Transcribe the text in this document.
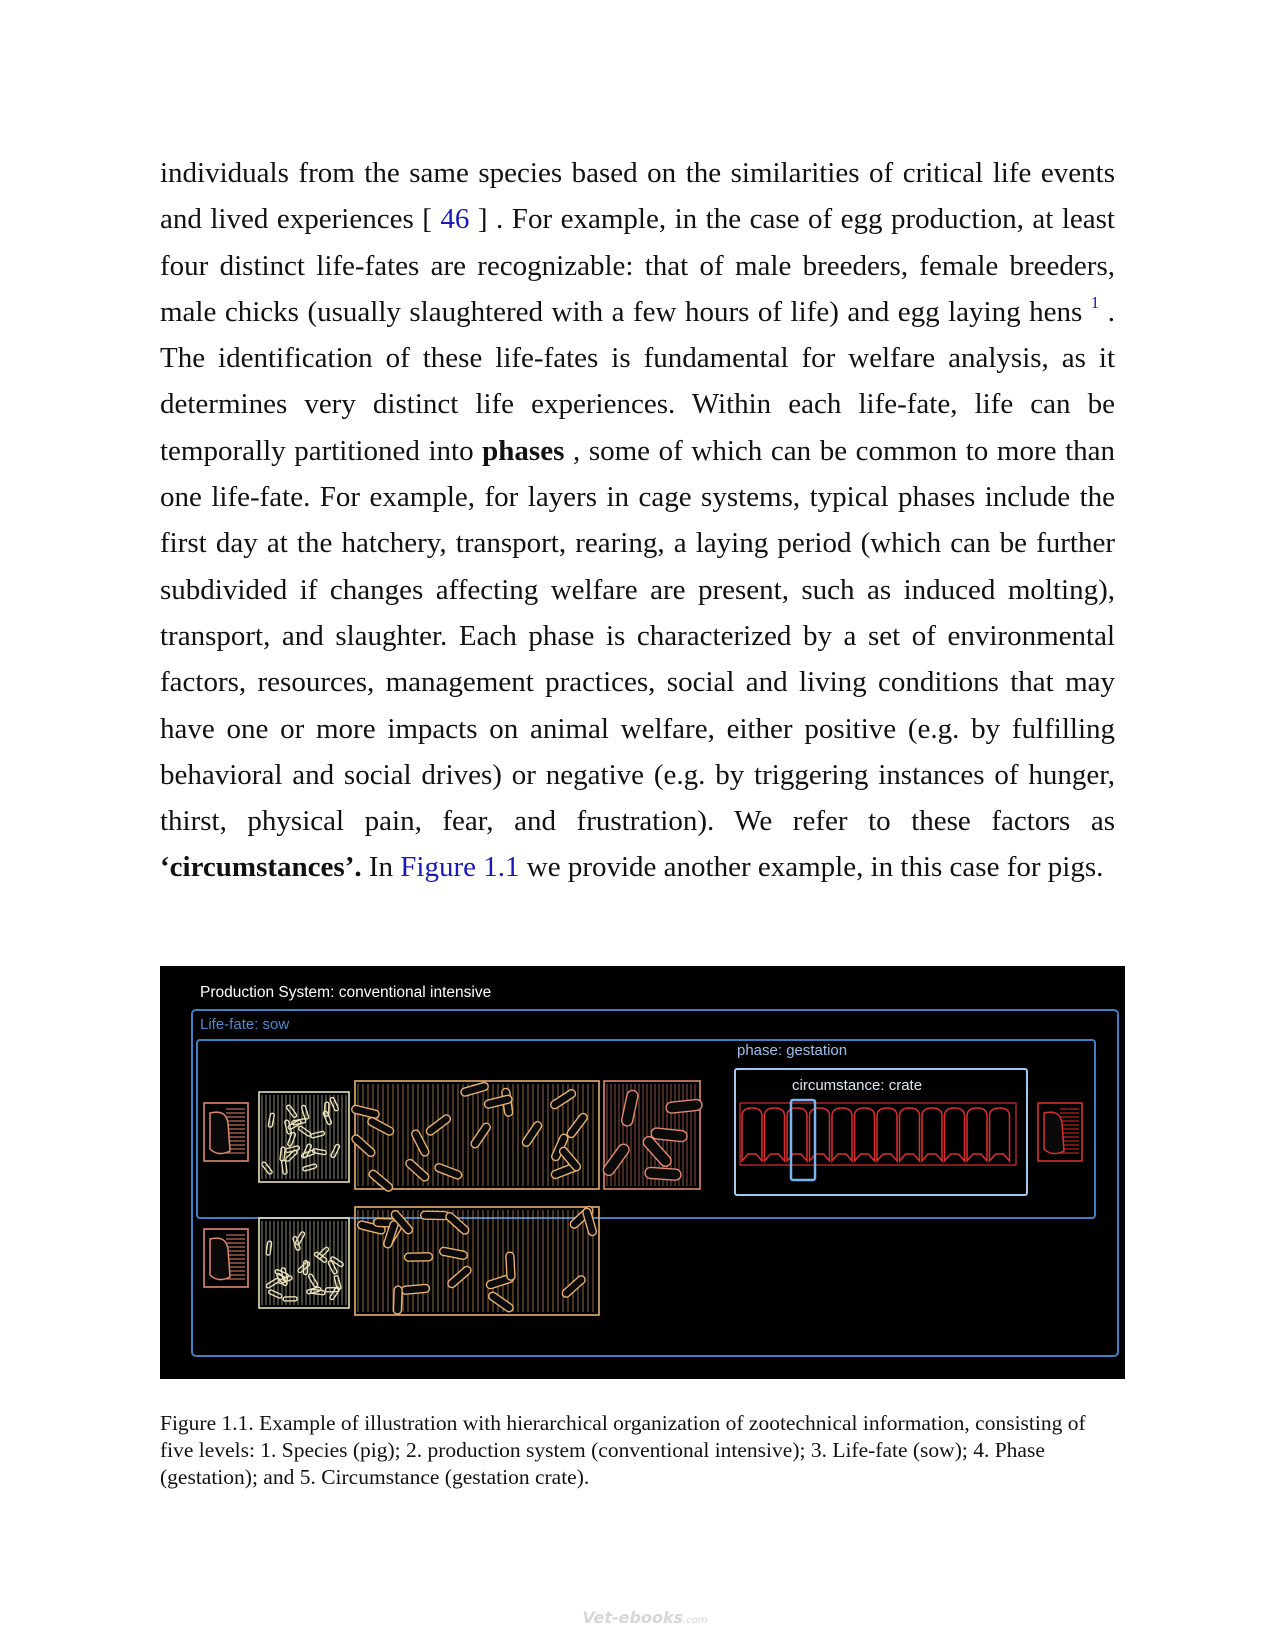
individuals from the same species based on the similarities of critical life events and lived experiences [ 46 ] . For example, in the case of egg production, at least four distinct life-fates are recognizable: that of male breeders, female breeders, male chicks (usually slaughtered with a few hours of life) and egg laying hens $^1$ . The identification of these life-fates is fundamental for welfare analysis, as it determines very distinct life experiences. Within each life-fate, life can be temporally partitioned into phases , some of which can be common to more than one life-fate. For example, for layers in cage systems, typical phases include the first day at the hatchery, transport, rearing, a laying period (which can be further subdivided if changes affecting welfare are present, such as induced molting), transport, and slaughter. Each phase is characterized by a set of environmental factors, resources, management practices, social and living conditions that may have one or more impacts on animal welfare, either positive (e.g. by fulfilling behavioral and social drives) or negative (e.g. by triggering instances of hunger, thirst, physical pain, fear, and frustration). We refer to these factors as ‘circumstances’. In Figure 1.1 we provide another example, in this case for pigs.

Production System: conventional intensive
Life-fate: sow
phase: gestation
circumstance: crate
Figure 1.1. Example of illustration with hierarchical organization of zootechnical information, consisting of five levels: 1. Species (pig); 2. production system (conventional intensive); 3. Life-fate (sow); 4. Phase (gestation); and 5. Circumstance (gestation crate).
Vet-ebooks.com
